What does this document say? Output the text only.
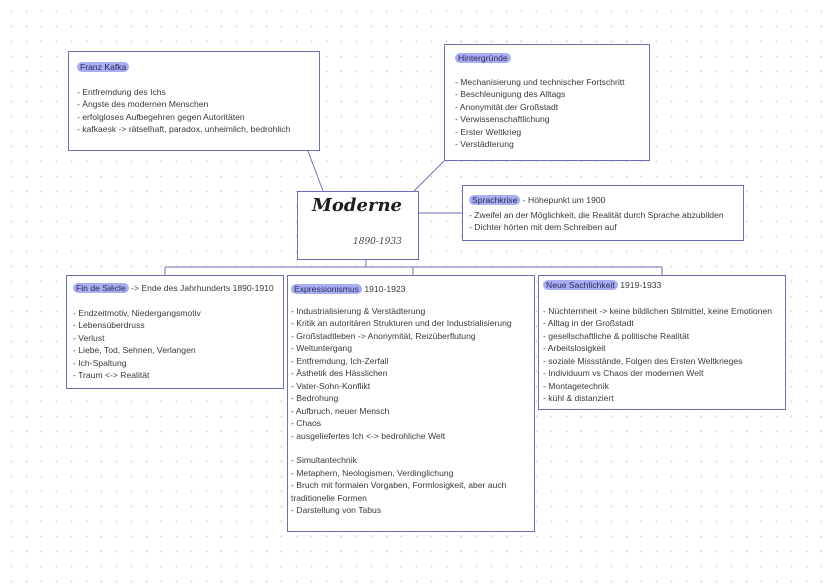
Franz Kafka
- Entfremdung des Ichs
- Ängste des modernen Menschen
- erfolgloses Aufbegehren gegen Autoritäten
- kafkaesk -> rätselhaft, paradox, unheimlich, bedrohlich
Hintergründe
- Mechanisierung und technischer Fortschritt
- Beschleunigung des Alltags
- Anonymität der Großstadt
- Verwissenschaftlichung
- Erster Weltkrieg
- Verstädterung
Moderne
1890-1933
Sprachkrise - Höhepunkt um 1900
- Zweifel an der Möglichkeit, die Realität durch Sprache abzubilden
- Dichter hörten mit dem Schreiben auf
Fin de Siècle -> Ende des Jahrhunderts 1890-1910
- Endzeitmotiv, Niedergangsmotiv
- Lebensüberdruss
- Verlust
- Liebe, Tod, Sehnen, Verlangen
- Ich-Spaltung
- Traum <-> Realität
Expressionismus 1910-1923
- Industrialisierung & Verstädterung
- Kritik an autoritären Strukturen und der Industrialisierung
- Großstadtleben -> Anonymität, Reizüberflutung
- Weltuntergang
- Entfremdung, Ich-Zerfall
- Ästhetik des Hässlichen
- Vater-Sohn-Konflikt
- Bedrohung
- Aufbruch, neuer Mensch
- Chaos
- ausgeliefertes Ich <-> bedrohliche Welt
- Simultantechnik
- Metaphern, Neologismen, Verdinglichung
- Bruch mit formalen Vorgaben, Formlosigkeit, aber auch traditionelle Formen
- Darstellung von Tabus
Neue Sachlichkeit 1919-1933
- Nüchternheit -> keine bildlichen Stilmittel, keine Emotionen
- Alltag in der Großstadt
- gesellschaftliche & politische Realität
- Arbeitslosigkeit
- soziale Missstände, Folgen des Ersten Weltkrieges
- Individuum vs Chaos der modernen Welt
- Montagetechnik
- kühl & distanziert
